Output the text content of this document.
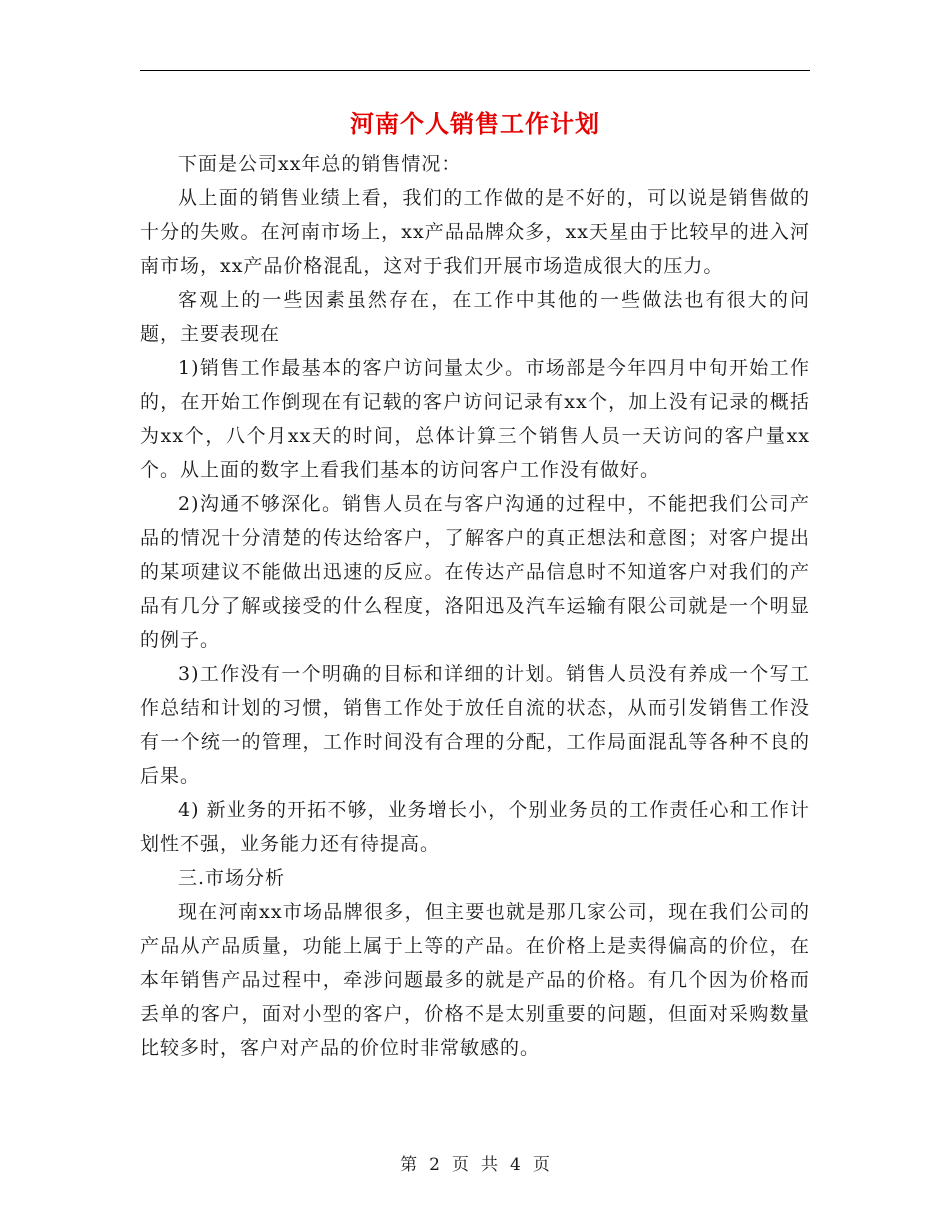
河南个人销售工作计划

下面是公司xx年总的销售情况：

从上面的销售业绩上看，我们的工作做的是不好的，可以说是销售做的十分的失败。在河南市场上，xx产品品牌众多，xx天星由于比较早的进入河南市场，xx产品价格混乱，这对于我们开展市场造成很大的压力。

客观上的一些因素虽然存在，在工作中其他的一些做法也有很大的问题，主要表现在

1)销售工作最基本的客户访问量太少。市场部是今年四月中旬开始工作的，在开始工作倒现在有记载的客户访问记录有xx个，加上没有记录的概括为xx个，八个月xx天的时间，总体计算三个销售人员一天访问的客户量xx个。从上面的数字上看我们基本的访问客户工作没有做好。

2)沟通不够深化。销售人员在与客户沟通的过程中，不能把我们公司产品的情况十分清楚的传达给客户，了解客户的真正想法和意图；对客户提出的某项建议不能做出迅速的反应。在传达产品信息时不知道客户对我们的产品有几分了解或接受的什么程度，洛阳迅及汽车运输有限公司就是一个明显的例子。

3)工作没有一个明确的目标和详细的计划。销售人员没有养成一个写工作总结和计划的习惯，销售工作处于放任自流的状态，从而引发销售工作没有一个统一的管理，工作时间没有合理的分配，工作局面混乱等各种不良的后果。

4) 新业务的开拓不够，业务增长小，个别业务员的工作责任心和工作计划性不强，业务能力还有待提高。

三.市场分析

现在河南xx市场品牌很多，但主要也就是那几家公司，现在我们公司的产品从产品质量，功能上属于上等的产品。在价格上是卖得偏高的价位，在本年销售产品过程中，牵涉问题最多的就是产品的价格。有几个因为价格而丢单的客户，面对小型的客户，价格不是太别重要的问题，但面对采购数量比较多时，客户对产品的价位时非常敏感的。

第 2 页 共 4 页
